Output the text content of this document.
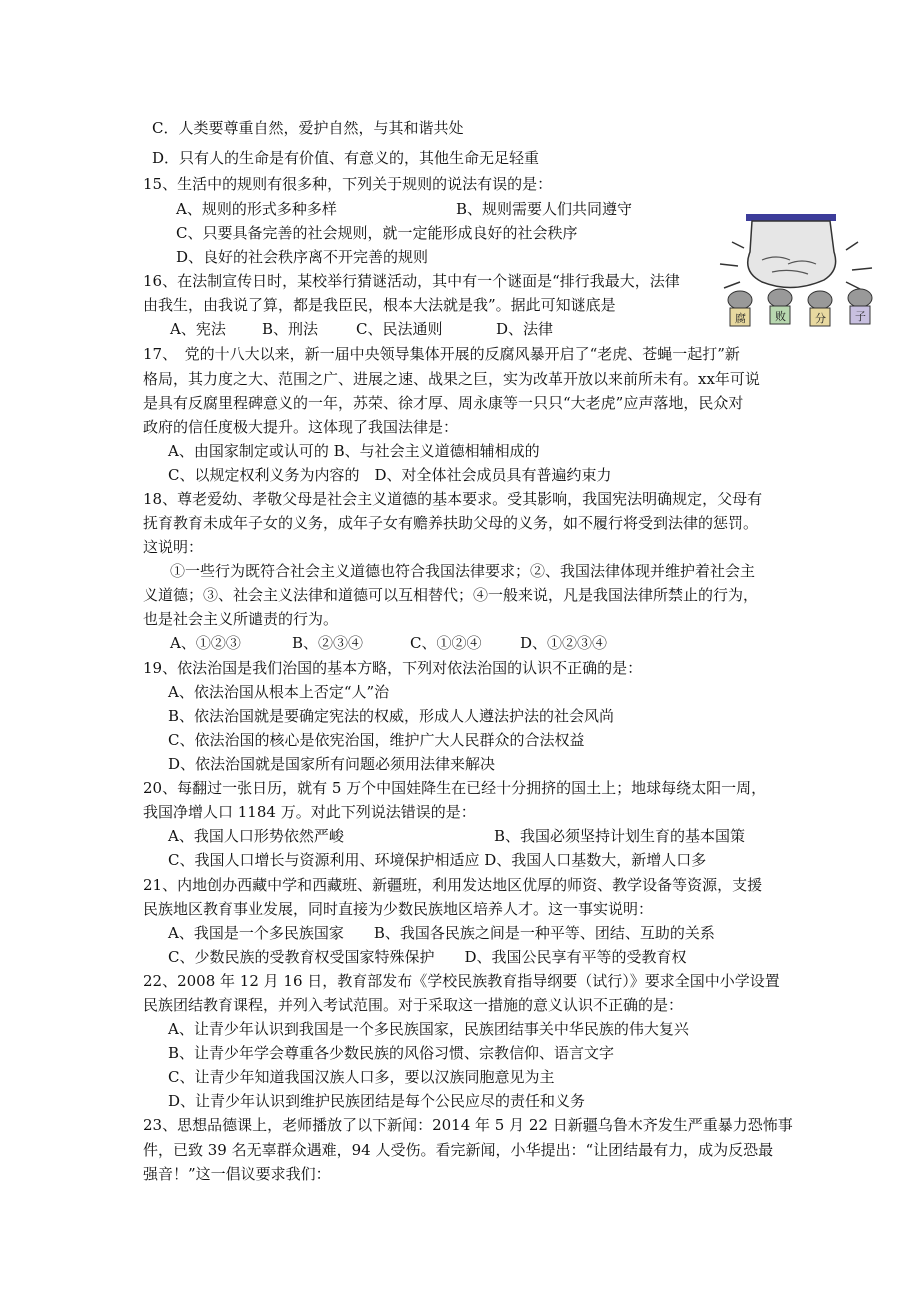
C．人类要尊重自然，爱护自然，与其和谐共处
D．只有人的生命是有价值、有意义的，其他生命无足轻重
15、生活中的规则有很多种，下列关于规则的说法有误的是：
A、规则的形式多种多样	B、规则需要人们共同遵守
C、只要具备完善的社会规则，就一定能形成良好的社会秩序
D、良好的社会秩序离不开完善的规则
腐	败	分	子
16、在法制宣传日时，某校举行猜谜活动，其中有一个谜面是“排行我最大，法律
由我生，由我说了算，都是我臣民，根本大法就是我”。据此可知谜底是
A、宪法 B、刑法	C、民法通则	D、法律
17、　党的十八大以来，新一届中央领导集体开展的反腐风暴开启了“老虎、苍蝇一起打”新
格局，其力度之大、范围之广、进展之速、战果之巨，实为改革开放以来前所未有。xx年可说
是具有反腐里程碑意义的一年，苏荣、徐才厚、周永康等一只只“大老虎”应声落地，民众对
政府的信任度极大提升。这体现了我国法律是：
A、由国家制定或认可的 B、与社会主义道德相辅相成的
C、以规定权利义务为内容的　D、对全体社会成员具有普遍约束力
18、尊老爱幼、孝敬父母是社会主义道德的基本要求。受其影响，我国宪法明确规定，父母有
抚育教育未成年子女的义务，成年子女有赡养扶助父母的义务，如不履行将受到法律的惩罚。
这说明：
①一些行为既符合社会主义道德也符合我国法律要求；②、我国法律体现并维护着社会主
义道德；③、社会主义法律和道德可以互相替代；④一般来说，凡是我国法律所禁止的行为，
也是社会主义所谴责的行为。
A、①②③	B、②③④	C、①②④	D、①②③④
19、依法治国是我们治国的基本方略，下列对依法治国的认识不正确的是：
A、依法治国从根本上否定“人”治
B、依法治国就是要确定宪法的权威，形成人人遵法护法的社会风尚
C、依法治国的核心是依宪治国，维护广大人民群众的合法权益
D、依法治国就是国家所有问题必须用法律来解决
20、每翻过一张日历，就有 5 万个中国娃降生在已经十分拥挤的国土上；地球每绕太阳一周，
我国净增人口 1184 万。对此下列说法错误的是：
A、我国人口形势依然严峻	B、我国必须坚持计划生育的基本国策
C、我国人口增长与资源利用、环境保护相适应 D、我国人口基数大，新增人口多
21、内地创办西藏中学和西藏班、新疆班，利用发达地区优厚的师资、教学设备等资源，支援
民族地区教育事业发展，同时直接为少数民族地区培养人才。这一事实说明：
A、我国是一个多民族国家　　B、我国各民族之间是一种平等、团结、互助的关系
C、少数民族的受教育权受国家特殊保护　　D、我国公民享有平等的受教育权
22、2008 年 12 月 16 日，教育部发布《学校民族教育指导纲要（试行）》要求全国中小学设置
民族团结教育课程，并列入考试范围。对于采取这一措施的意义认识不正确的是：
A、让青少年认识到我国是一个多民族国家，民族团结事关中华民族的伟大复兴
B、让青少年学会尊重各少数民族的风俗习惯、宗教信仰、语言文字
C、让青少年知道我国汉族人口多，要以汉族同胞意见为主
D、让青少年认识到维护民族团结是每个公民应尽的责任和义务
23、思想品德课上，老师播放了以下新闻：2014 年 5 月 22 日新疆乌鲁木齐发生严重暴力恐怖事
件，已致 39 名无辜群众遇难，94 人受伤。看完新闻，小华提出：“让团结最有力，成为反恐最
强音！”这一倡议要求我们：
